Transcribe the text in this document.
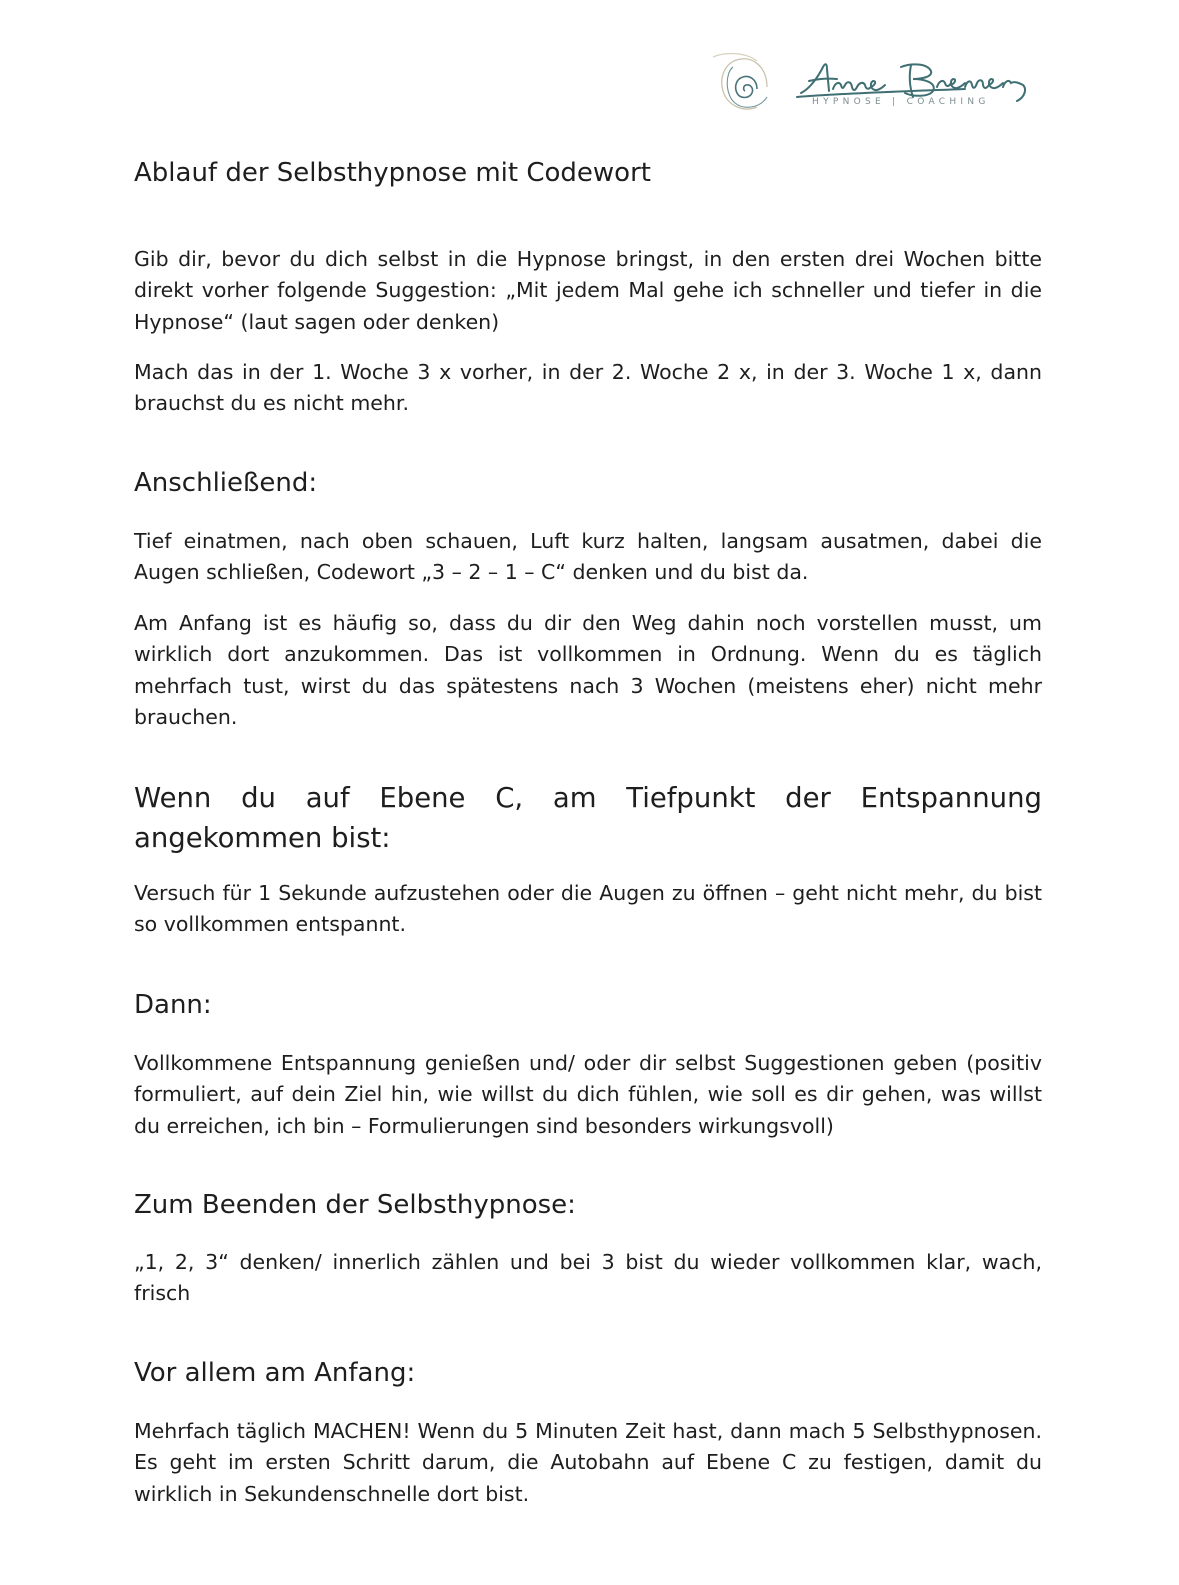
HYPNOSE | COACHING
Ablauf der Selbsthypnose mit Codewort

Gib dir, bevor du dich selbst in die Hypnose bringst, in den ersten drei Wochen bitte direkt vorher folgende Suggestion: „Mit jedem Mal gehe ich schneller und tiefer in die Hypnose“ (laut sagen oder denken)

Mach das in der 1. Woche 3 x vorher, in der 2. Woche 2 x, in der 3. Woche 1 x, dann brauchst du es nicht mehr.

Anschließend:

Tief einatmen, nach oben schauen, Luft kurz halten, langsam ausatmen, dabei die Augen schließen, Codewort „3 – 2 – 1 – C“ denken und du bist da.

Am Anfang ist es häufig so, dass du dir den Weg dahin noch vorstellen musst, um wirklich dort anzukommen. Das ist vollkommen in Ordnung. Wenn du es täglich mehrfach tust, wirst du das spätestens nach 3 Wochen (meistens eher) nicht mehr brauchen.

Wenn du auf Ebene C, am Tiefpunkt der Entspannung angekommen bist:

Versuch für 1 Sekunde aufzustehen oder die Augen zu öffnen – geht nicht mehr, du bist so vollkommen entspannt.

Dann:

Vollkommene Entspannung genießen und/ oder dir selbst Suggestionen geben (positiv formuliert, auf dein Ziel hin, wie willst du dich fühlen, wie soll es dir gehen, was willst du erreichen, ich bin – Formulierungen sind besonders wirkungsvoll)

Zum Beenden der Selbsthypnose:

„1, 2, 3“ denken/ innerlich zählen und bei 3 bist du wieder vollkommen klar, wach, frisch

Vor allem am Anfang:

Mehrfach täglich MACHEN! Wenn du 5 Minuten Zeit hast, dann mach 5 Selbsthypnosen. Es geht im ersten Schritt darum, die Autobahn auf Ebene C zu festigen, damit du wirklich in Sekundenschnelle dort bist.
